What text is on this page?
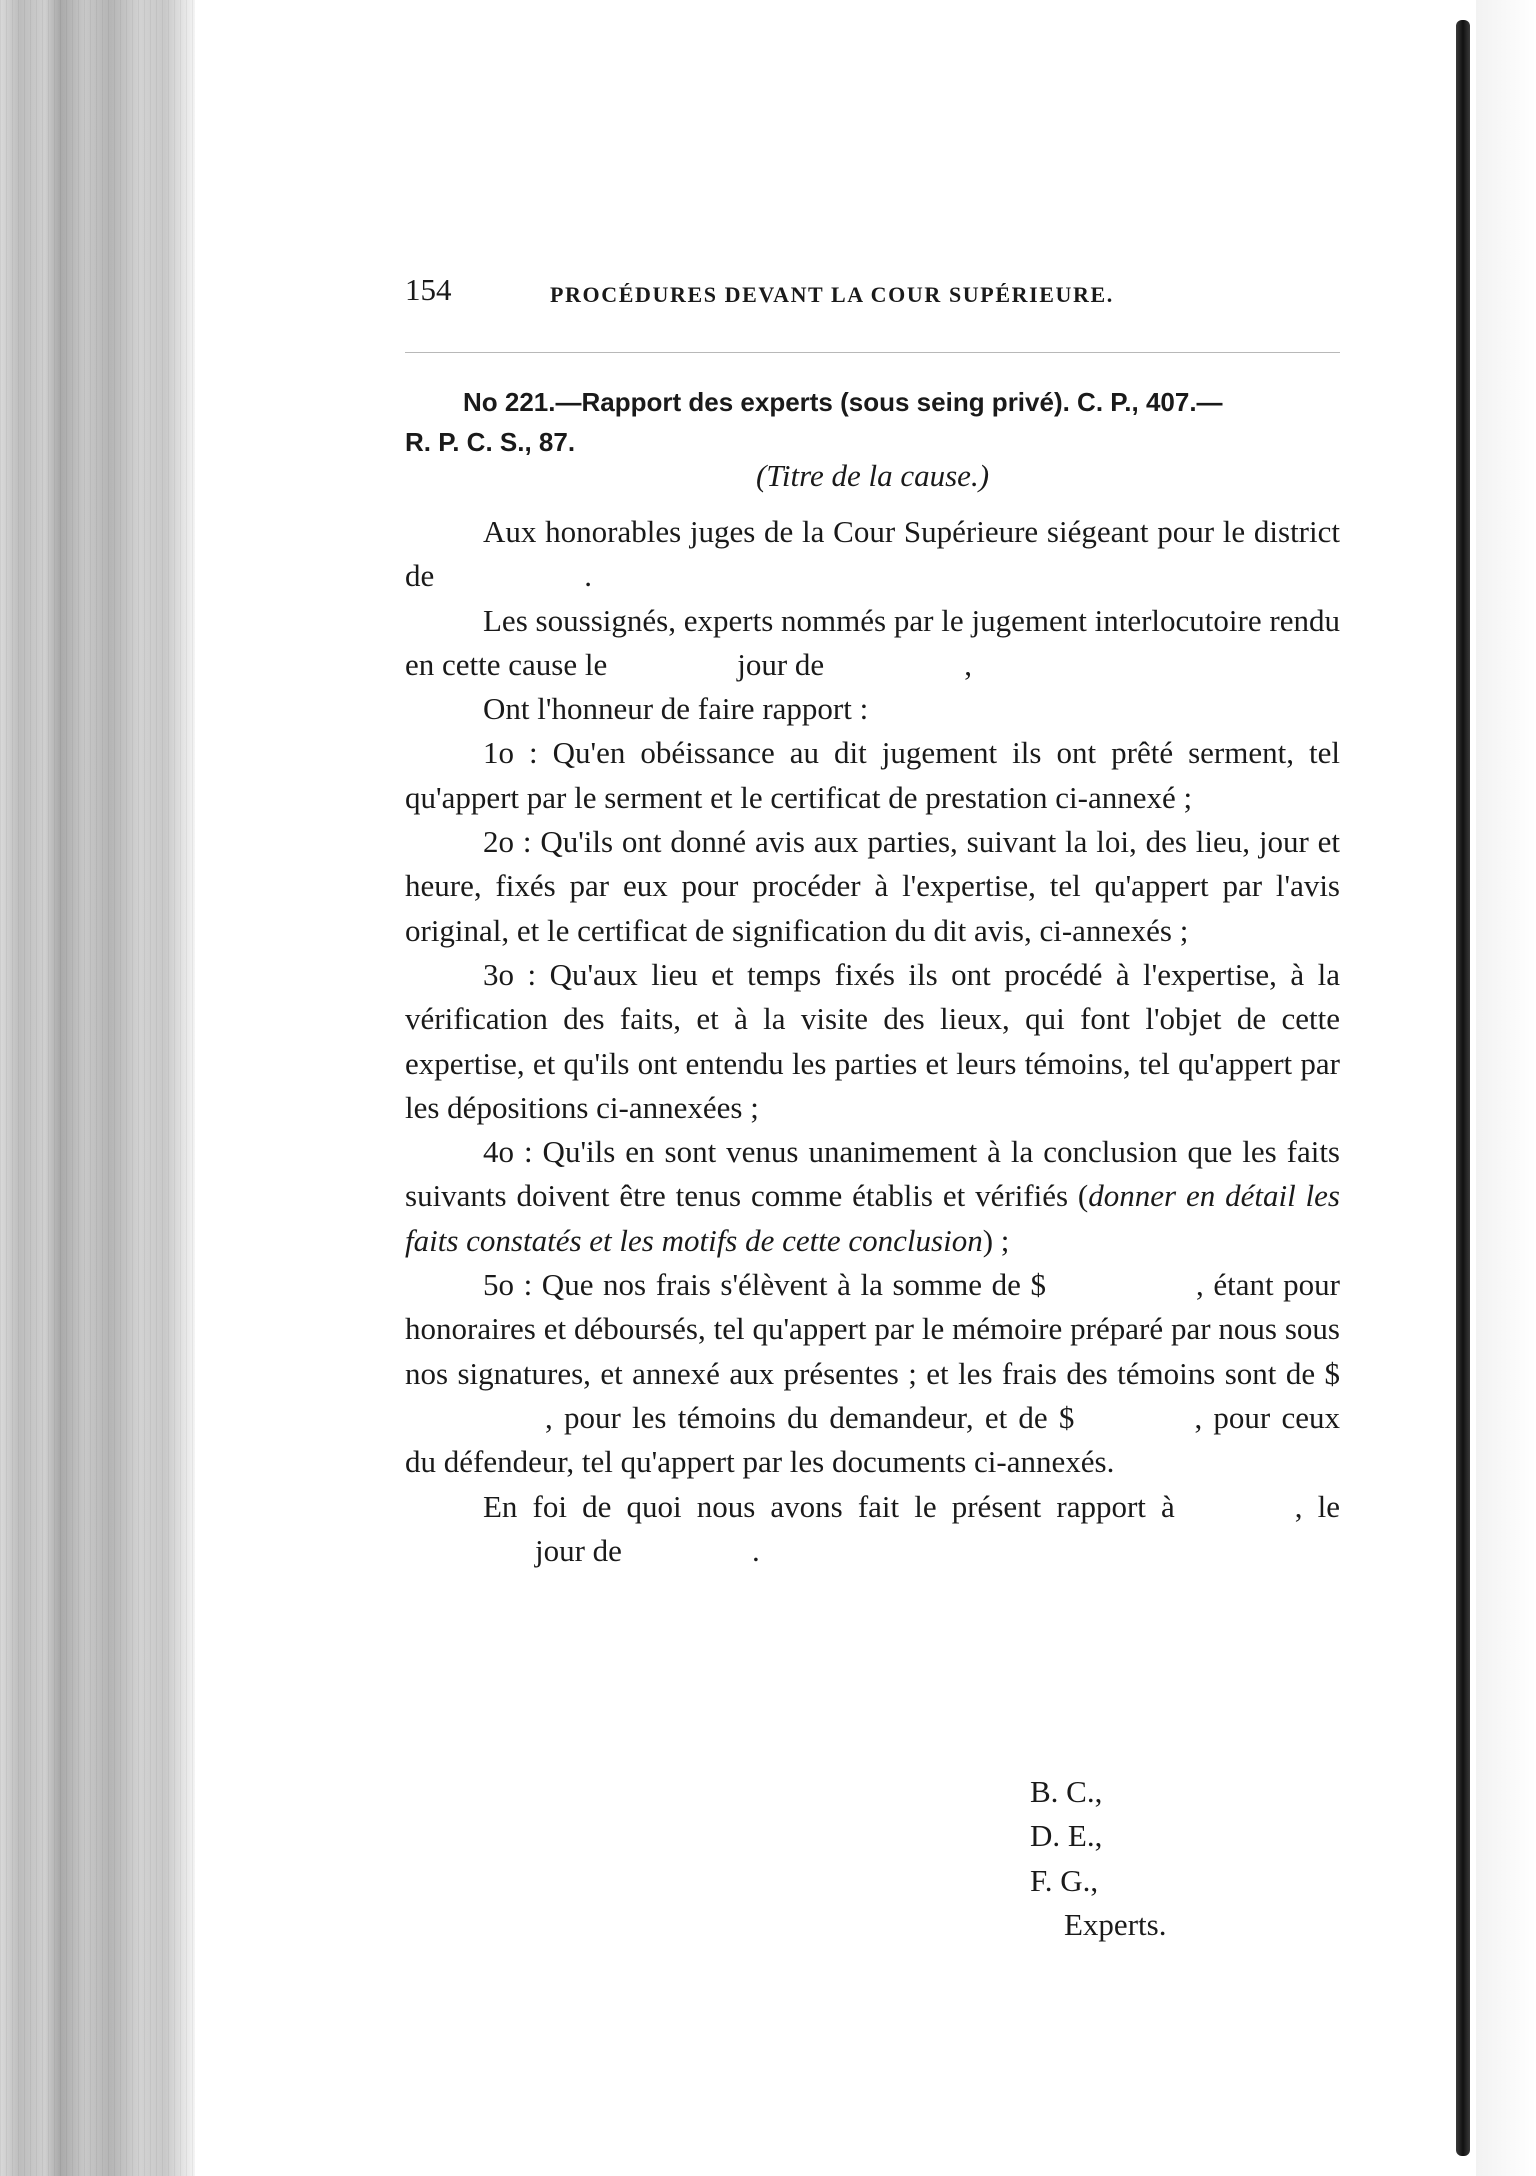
154	PROCÉDURES DEVANT LA COUR SUPÉRIEURE.
No 221.—Rapport des experts (sous seing privé). C. P., 407.—
R. P. C. S., 87.
(Titre de la cause.)

Aux honorables juges de la Cour Supérieure siégeant pour le district de	.

Les soussignés, experts nommés par le jugement interlocutoire rendu en cette cause le	jour de	,

Ont l'honneur de faire rapport :

1o : Qu'en obéissance au dit jugement ils ont prêté serment, tel qu'appert par le serment et le certificat de prestation ci-annexé ;

2o : Qu'ils ont donné avis aux parties, suivant la loi, des lieu, jour et heure, fixés par eux pour procéder à l'expertise, tel qu'appert par l'avis original, et le certificat de signification du dit avis, ci-annexés ;

3o : Qu'aux lieu et temps fixés ils ont procédé à l'expertise, à la vérification des faits, et à la visite des lieux, qui font l'objet de cette expertise, et qu'ils ont entendu les parties et leurs témoins, tel qu'appert par les dépositions ci-annexées ;

4o : Qu'ils en sont venus unanimement à la conclusion que les faits suivants doivent être tenus comme établis et vérifiés (donner en détail les faits constatés et les motifs de cette conclusion) ;

5o : Que nos frais s'élèvent à la somme de $	, étant pour honoraires et déboursés, tel qu'appert par le mémoire préparé par nous sous nos signatures, et annexé aux présentes ; et les frais des témoins sont de $, pour les témoins du demandeur, et de $	, pour ceux du défendeur, tel qu'appert par les documents ci-annexés.

En foi de quoi nous avons fait le présent rapport à	, lejour de	.

B. C.,
D. E.,
F. G.,
Experts.
